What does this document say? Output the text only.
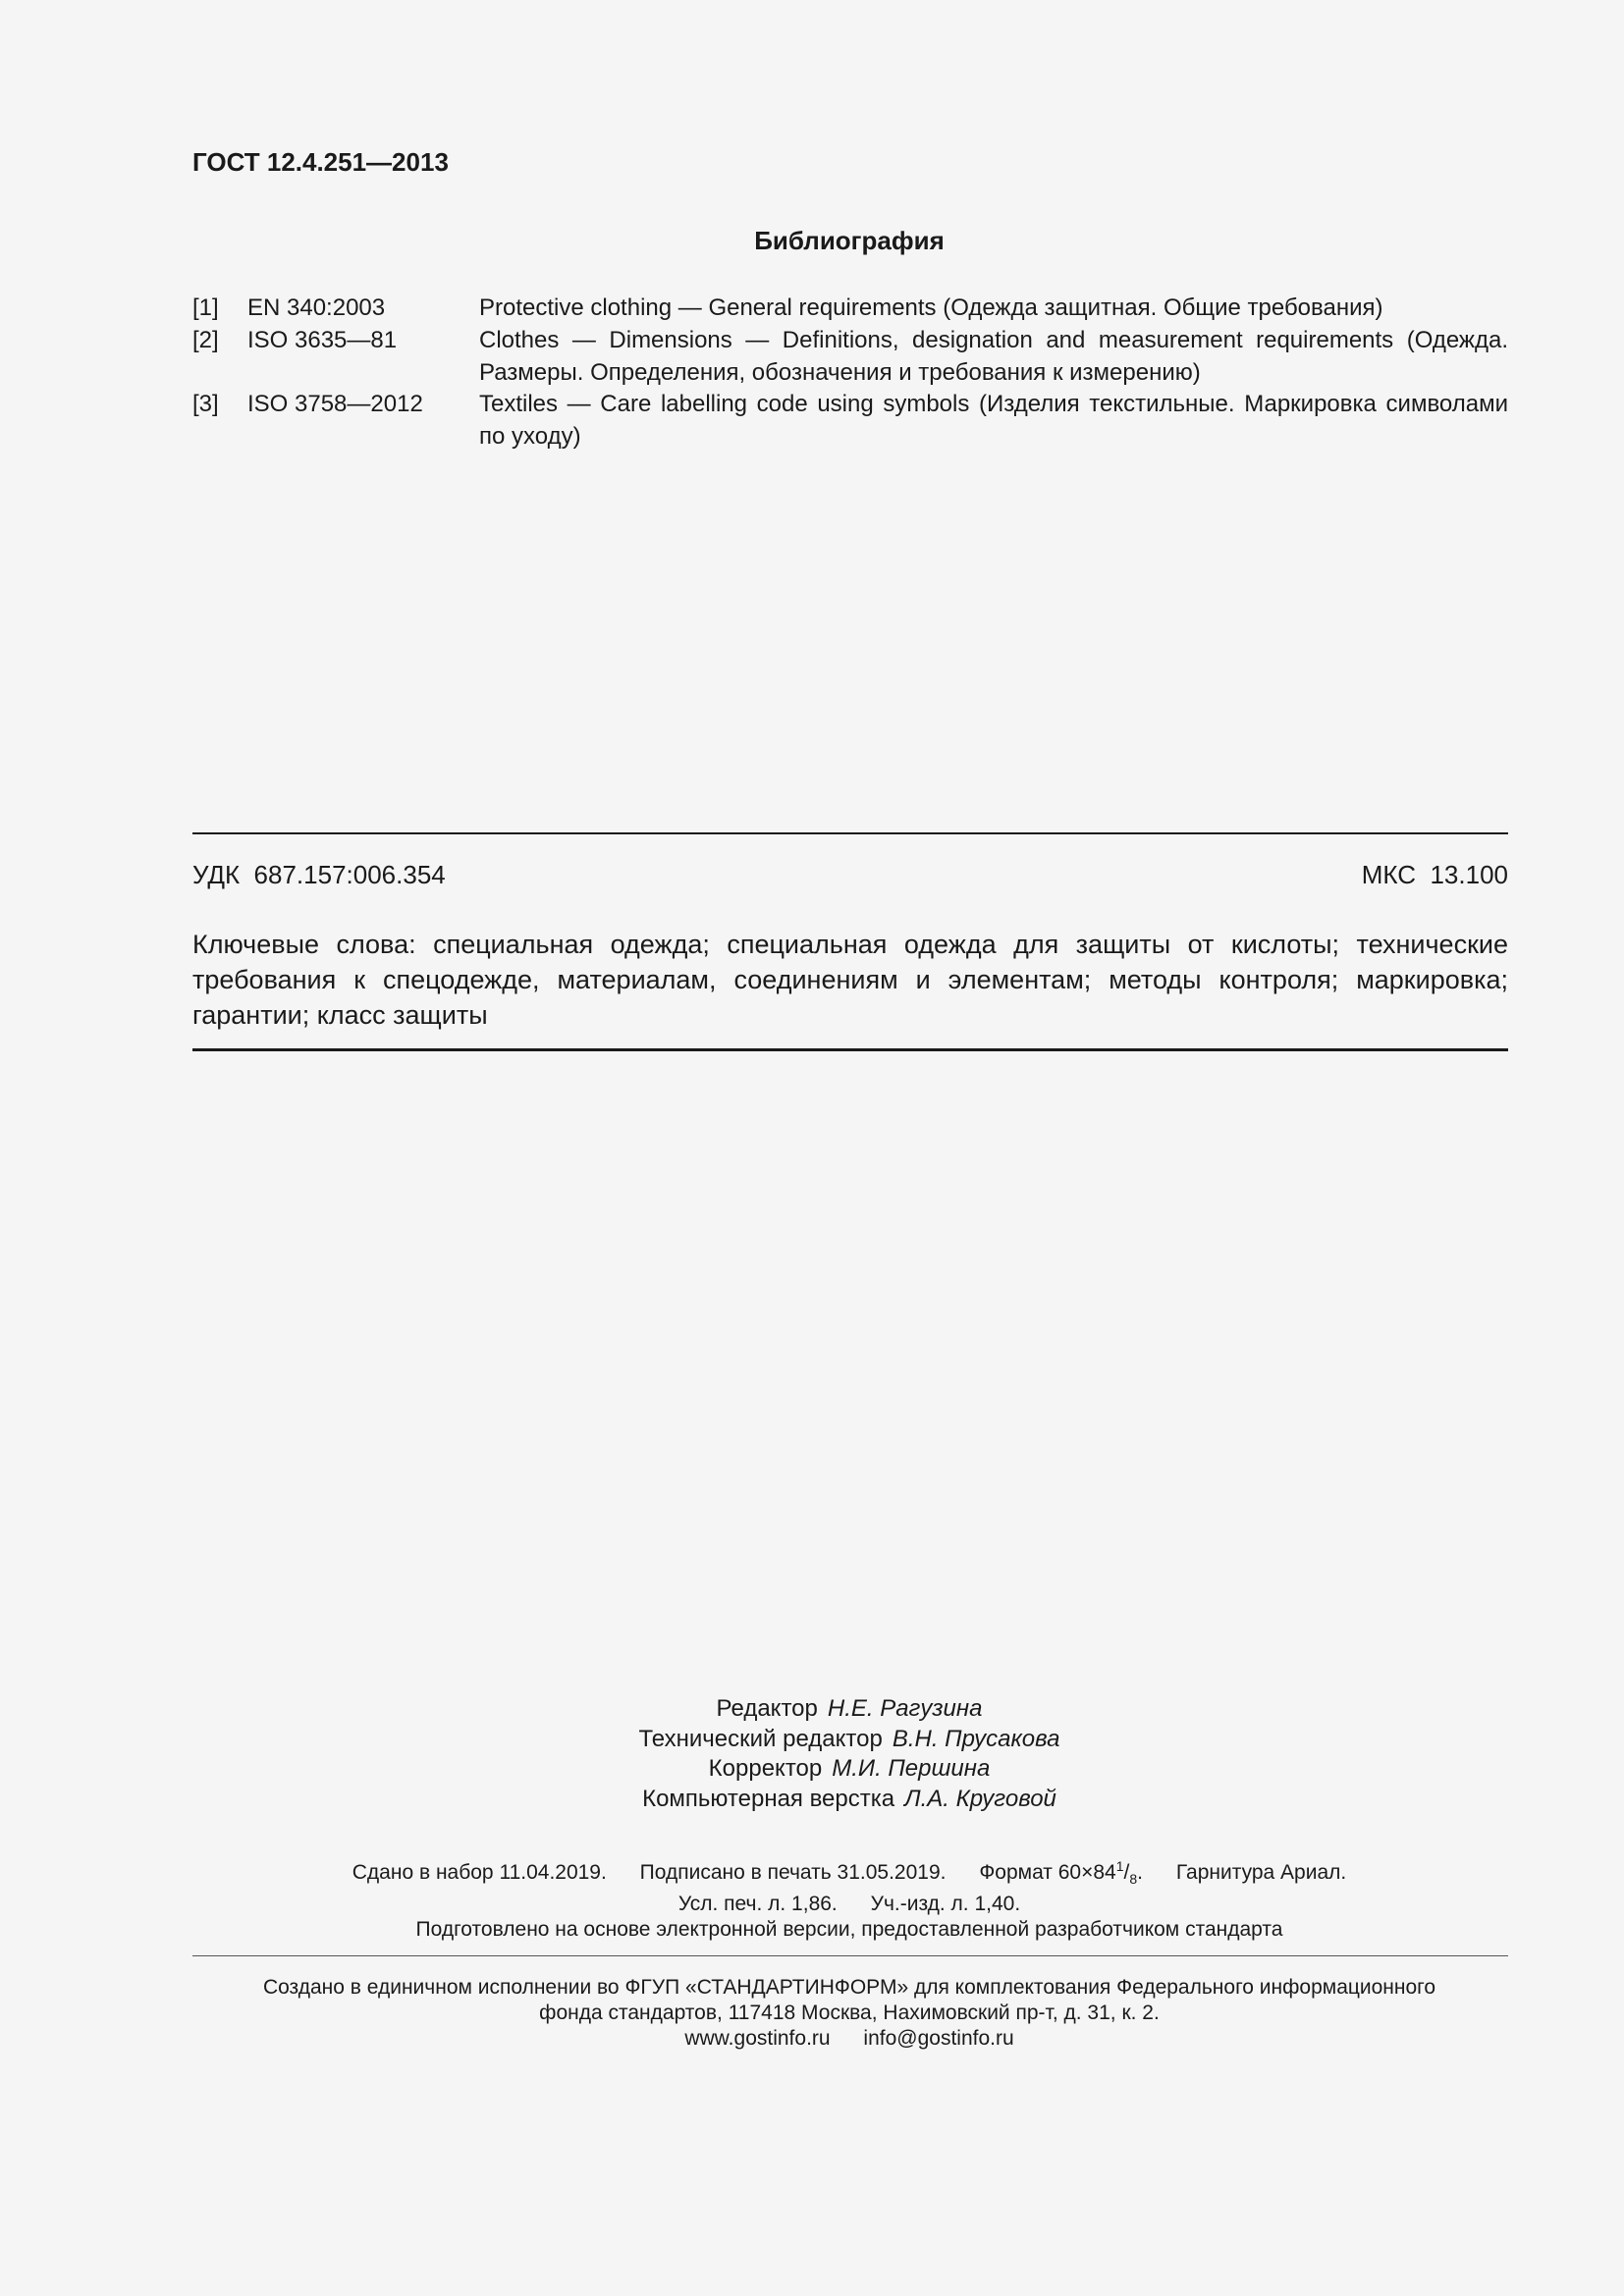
ГОСТ 12.4.251—2013
Библиография
[1] EN 340:2003	Protective clothing — General requirements (Одежда защитная. Общие требования)
[2] ISO 3635—81	Clothes — Dimensions — Definitions, designation and measurement requirements (Одежда. Размеры. Определения, обозначения и требования к измерению)
[3] ISO 3758—2012 Textiles — Care labelling code using symbols (Изделия текстильные. Маркировка символами по уходу)
УДК  687.157:006.354	МКС  13.100
Ключевые слова: специальная одежда; специальная одежда для защиты от кислоты; технические требования к спецодежде, материалам, соединениям и элементам; методы контроля; маркировка; гарантии; класс защиты
Редактор Н.Е. Рагузина
Технический редактор В.Н. Прусакова
Корректор М.И. Першина
Компьютерная верстка Л.А. Круговой
Сдано в набор 11.04.2019. Подписано в печать 31.05.2019. Формат $60\times 84^1/_8$. Гарнитура Ариал.
Усл. печ. л. 1,86. Уч.-изд. л. 1,40.
Подготовлено на основе электронной версии, предоставленной разработчиком стандарта
Создано в единичном исполнении во ФГУП «СТАНДАРТИНФОРМ» для комплектования Федерального информационного
фонда стандартов, 117418 Москва, Нахимовский пр-т, д. 31, к. 2.
www.gostinfo.ru info@gostinfo.ru
